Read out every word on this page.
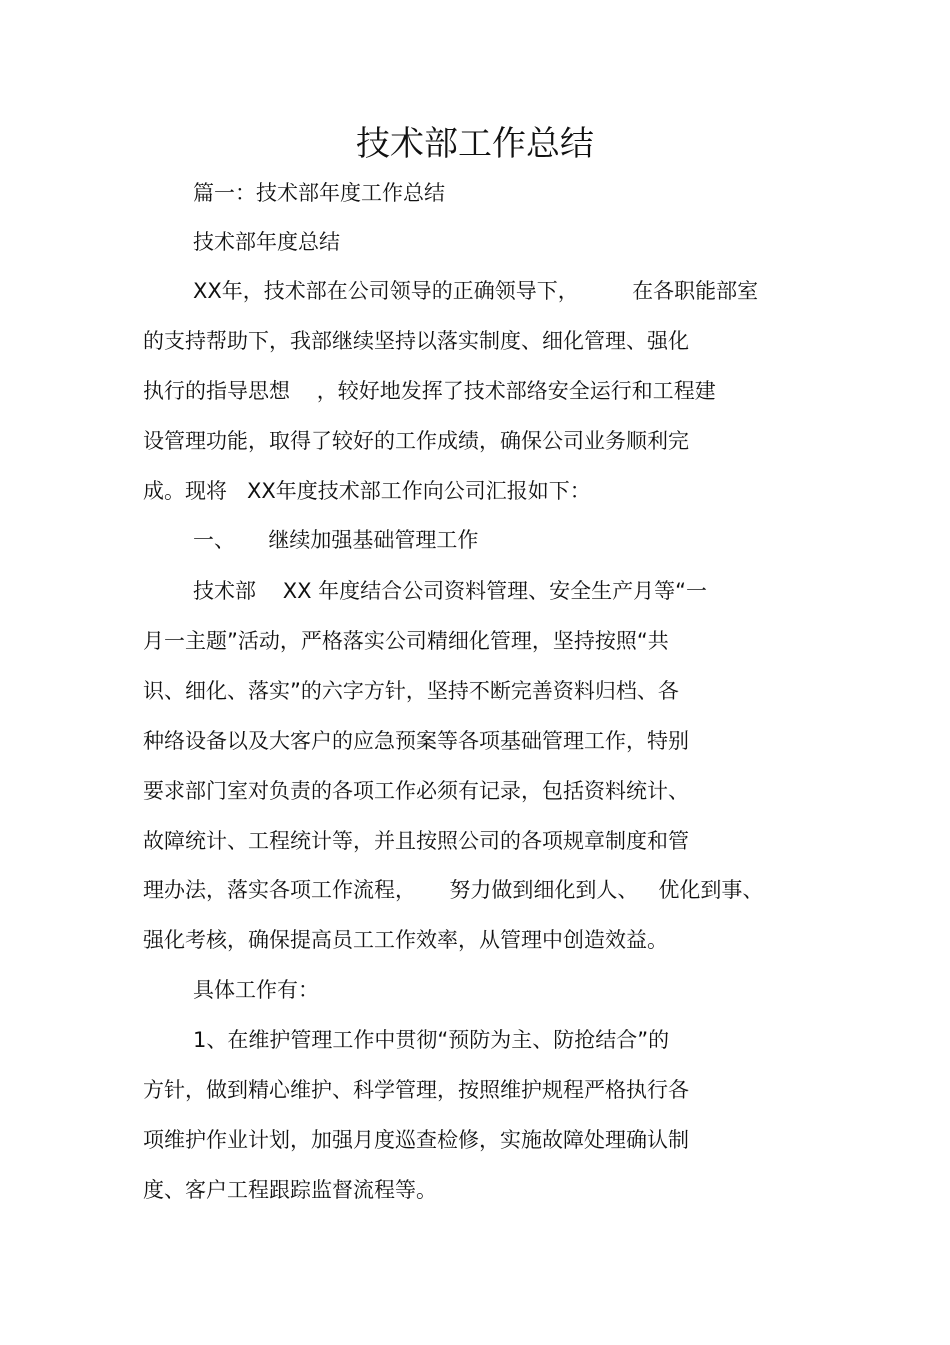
技术部工作总结

篇一：技术部年度工作总结

技术部年度总结

XX年，技术部在公司领导的正确领导下，        在各职能部室

的支持帮助下，我部继续坚持以落实制度、细化管理、强化

执行的指导思想    ，较好地发挥了技术部络安全运行和工程建

设管理功能，取得了较好的工作成绩，确保公司业务顺利完

成。现将   XX年度技术部工作向公司汇报如下：

一、     继续加强基础管理工作

技术部    XX 年度结合公司资料管理、安全生产月等“一

月一主题”活动，严格落实公司精细化管理，坚持按照“共

识、细化、落实”的六字方针，坚持不断完善资料归档、各

种络设备以及大客户的应急预案等各项基础管理工作，特别

要求部门室对负责的各项工作必须有记录，包括资料统计、

故障统计、工程统计等，并且按照公司的各项规章制度和管

理办法，落实各项工作流程，     努力做到细化到人、   优化到事、

强化考核，确保提高员工工作效率，从管理中创造效益。

具体工作有：

1、在维护管理工作中贯彻“预防为主、防抢结合”的

方针，做到精心维护、科学管理，按照维护规程严格执行各

项维护作业计划，加强月度巡查检修，实施故障处理确认制

度、客户工程跟踪监督流程等。
